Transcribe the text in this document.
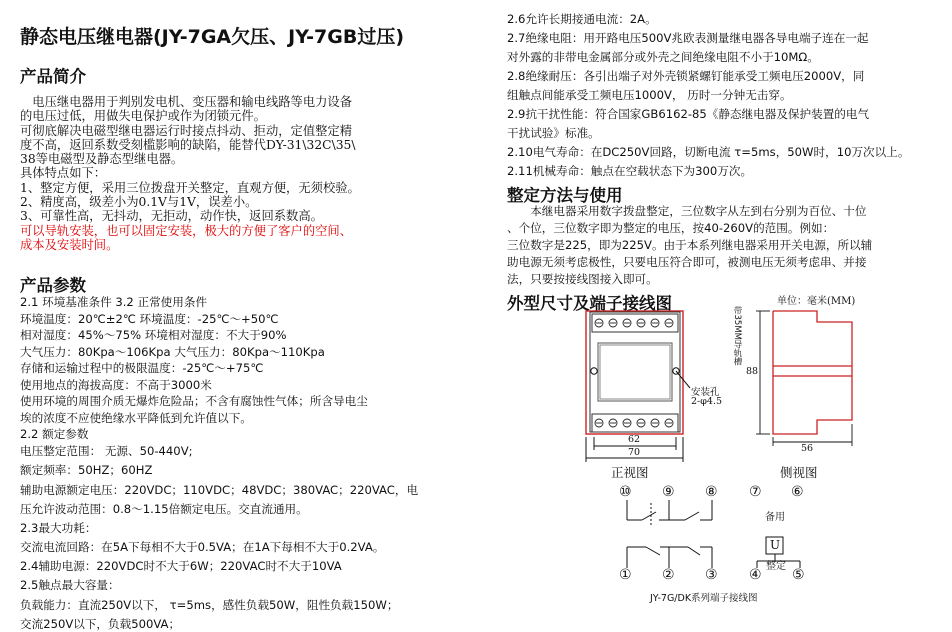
静态电压继电器(JY-7GA欠压、JY-7GB过压)
产品简介
　电压继电器用于判别发电机、变压器和输电线路等电力设备
的电压过低，用做失电保护或作为闭锁元件。
可彻底解决电磁型继电器运行时接点抖动、拒动，定值整定精
度不高，返回系数受刻槛影响的缺陷，能替代DY-31\32C\35\
38等电磁型及静态型继电器。
具体特点如下：
1、整定方便，采用三位拨盘开关整定，直观方便，无须校验。
2、精度高，级差小为0.1V与1V，误差小。
3、可靠性高，无抖动，无拒动，动作快，返回系数高。
可以导轨安装，也可以固定安装，极大的方便了客户的空间、
成本及安装时间。
产品参数
2.1 环境基准条件 3.2 正常使用条件
环境温度：20℃±2℃ 环境温度：-25℃～+50℃
相对湿度：45%～75% 环境相对湿度：不大于90%
大气压力：80Kpa～106Kpa 大气压力：80Kpa～110Kpa
存储和运输过程中的极限温度：-25℃～+75℃
使用地点的海拔高度：不高于3000米
使用环境的周围介质无爆炸危险品；不含有腐蚀性气体；所含导电尘
埃的浓度不应使绝缘水平降低到允许值以下。
2.2 额定参数
电压整定范围： 无源、50-440V;
额定频率：50HZ；60HZ
辅助电源额定电压：220VDC；110VDC；48VDC；380VAC；220VAC，电
压允许波动范围：0.8～1.15倍额定电压。交直流通用。
2.3最大功耗：
交流电流回路：在5A下每相不大于0.5VA；在1A下每相不大于0.2VA。
2.4辅助电源：220VDC时不大于6W；220VAC时不大于10VA
2.5触点最大容量：
负载能力：直流250V以下， τ=5ms，感性负载50W，阻性负载150W；
交流250V以下，负载500VA；
2.6允许长期接通电流：2A。
2.7绝缘电阻：用开路电压500V兆欧表测量继电器各导电端子连在一起
对外露的非带电金属部分或外壳之间绝缘电阻不小于10MΩ。
2.8绝缘耐压：各引出端子对外壳锁紧螺钉能承受工频电压2000V，同
组触点间能承受工频电压1000V， 历时一分钟无击穿。
2.9抗干扰性能：符合国家GB6162-85《静态继电器及保护装置的电气
干扰试验》标准。
2.10电气寿命：在DC250V回路，切断电流 τ=5ms，50W时，10万次以上。
2.11机械寿命：触点在空载状态下为300万次。
整定方法与使用
　　本继电器采用数字拨盘整定，三位数字从左到右分别为百位、十位
、个位，三位数字即为整定的电压，按40-260V的范围。例如：
三位数字是225，即为225V。由于本系列继电器采用开关电源，所以辅
助电源无须考虑极性，只要电压符合即可，被测电压无须考虑串、并接
法，只要按接线图接入即可。
外型尺寸及端子接线图	单位：毫米(MM)
带35MM导轨槽
安装孔
2-φ4.5
62
70
88
56
正视图	侧视图
⑩ ⑨ ⑧ ⑦ ⑥
备用
U
整定
① ② ③ ④ ⑤
JY-7G/DK系列端子接线图
